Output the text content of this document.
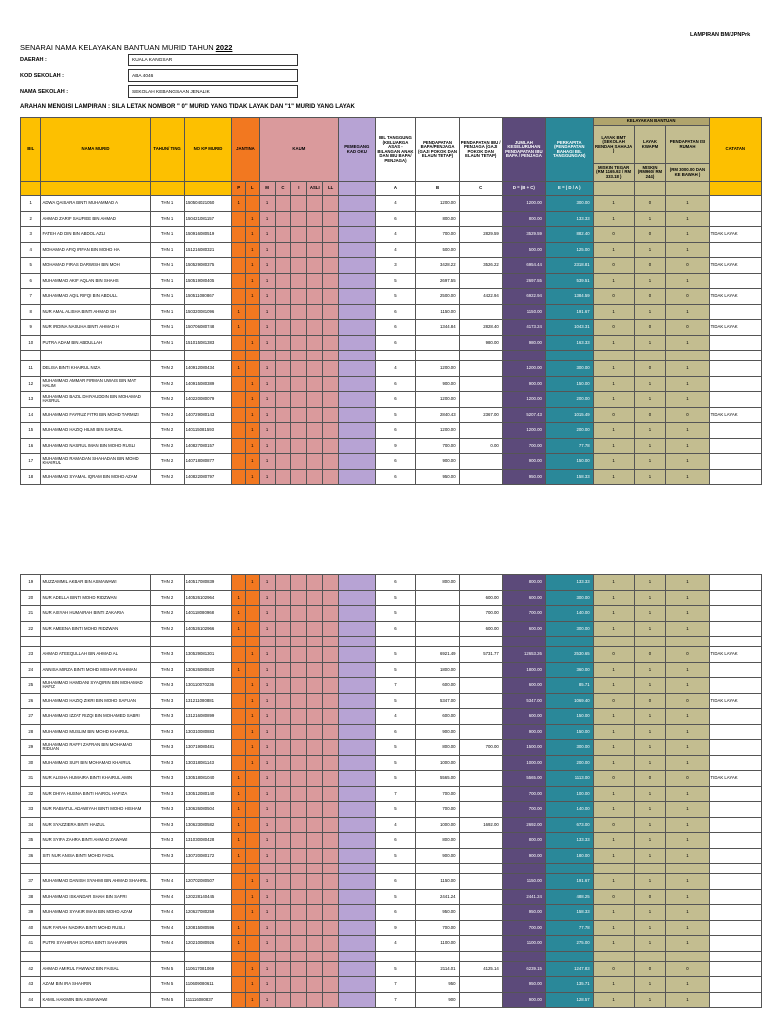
LAMPIRAN BM/JPNPrk
SENARAI NAMA KELAYAKAN BANTUAN MURID TAHUN 2022
DAERAH :	KUALA KANGSAR
KOD SEKOLAH :	ABA 4046
NAMA SEKOLAH :	SEKOLAH KEBANGSAAN JENALIK
ARAHAN MENGISI LAMPIRAN : SILA LETAK NOMBOR " 0" MURID YANG TIDAK LAYAK DAN "1" MURID YANG LAYAK
BIL	NAMA MURID	TAHUN/ TING	NO KP MURID	JANTINA		KAUM					PEMEGANG KAD OKU	BIL TANGGUNG (KELUARGA ASAS - BILANGAN ANAK DAN IBU BAPA/ PENJAGA)	PENDAPATAN BAPA/PENJAGA (GAJI POKOK DAN ELAUN TETAP)	PENDAPATAN IBU / PENJAGA (GAJI POKOK DAN ELAUN TETAP)	JUMLAH KESELURUHAN PENDAPATAN IBU BAPA / PENJAGA	PERKAPITA (PENDAPATAN BAHAGI BIL TANGGUNGAN)	KELAYAKAN BANTUAN			CATATAN
																	LAYAK BMT (SEKOLAH RENDAH SAHAJA )	LAYAK KWAPM	PENDAPATAN ISI RUMAH	
																	MISKIN TEGAR (RM 1165.92 / RM 333.18 )	MISKIN (RM960/ RM 244)	(RM 3000.00 DAN KE BAWAH )	
				P	L	M	C	I	ASLI	LL		A	B	C	D = (B + C)	E = ( D / A )				
1	ADWA QAISARA BINTI MUHAMMAD A	THN 1	150504021050	1		1						4	1200.00		1200.00	300.00	1	0	1	
2	AHMAD ZARIF SAUFIEE BIN AHMAD	THN 1	150421081157		1	1						6	800.00		800.00	133.33	1	1	1	
3	FATEH AD DIN BIN ABDOL AZLI	THN 1	150916080519		1	1						4	700.00	2829.59	3529.59	882.40	0	0	1	TIDAK LAYAK
4	MOHAMAD AFIQ IRFAN BIN MOHD HA	THN 1	151216080321		1	1						4	500.00		500.00	125.00	1	1	1	
5	MOHAMAD FIRAS DARWISH BIN MOH	THN 1	150529080375		1	1						3	3428.22	3526.22	6954.44	2318.81	0	0	0	TIDAK LAYAK
6	MUHAMMAD AKIF AQLAN BIN SHAHS	THN 1	150519080405		1	1						5	2697.55		2697.55	539.51	1	1	1	
7	MUHAMMAD AQIL RIFQI BIN ABDULL	THN 1	150511080867		1	1						5	2500.00	4422.94	6922.94	1384.59	0	0	0	TIDAK LAYAK
8	NUR AMAL ALISHA BINTI AHMAD SH	THN 1	150320081096	1		1						6	1150.00		1150.00	191.67	1	1	1	
9	NUR IRDINA NASUHA BINTI AHMAD H	THN 1	150706080748	1		1						6	1344.84	2828.40	4173.24	1043.31	0	0	0	TIDAK LAYAK
10	PUTRA ADAM BIN ABDULLAH	THN 1	151015081383		1	1						6		980.00	980.00	163.33	1	1	1	

11	DELISA BINTI KHAIRUL NIZA	THN 2	140912080434	1		1						4	1200.00		1200.00	300.00	1	0	1	
12	MUHAMMAD AMMAR FIRMAN UWAIS BIN MAT HALIM	THN 2	140915080389		1	1						6	900.00		900.00	150.00	1	1	1	
13	MUHAMMAD BAZIL DHIYAUDDIN BIN MOHAMAD HASRUL	THN 2	140220080079		1	1						6	1200.00		1200.00	200.00	1	1	1	
14	MUHAMMAD FAYRUZ FITRI BIN MOHD TARMIZI	THN 2	140729080143		1	1						5	2840.43	2367.00	5207.43	1015.49	0	0	0	TIDAK LAYAK
15	MUHAMMAD HAZIQ HILMI BIN SARIZAL	THN 2	140115081593		1	1						6	1200.00		1200.00	200.00	1	1	1	
16	MUHAMMAD NASRUL IMAN BIN MOHD RUSLI	THN 2	140827080157		1	1						9	700.00	0.00	700.00	77.78	1	1	1	
17	MUHAMMAD RAMADAN SHAHADAN BIN MOHD KHAIRUL	THN 2	140718080877		1	1						6	900.00		900.00	150.00	1	1	1	
18	MUHAMMAD SYAMAL IQRAM BIN MOHD AZAM	THN 2	140822080797		1	1						6	950.00		950.00	158.33	1	1	1	
19	MUZZAMMIL AKBAR BIN ASMAWAWI	THN 2	140517080839		1	1						6	800.00		800.00	133.33	1	1	1	
20	NUR ADELLA BINTI MOHD RIDZWAN	THN 2	140526102964	1		1						5		600.00	600.00	300.00	1	1	1	
21	NUR AISYAH HUMAIRAH BINTI ZAKARIA	THN 2	140118080968	1		1						5		700.00	700.00	140.00	1	1	1	
22	NUR AMEENA BINTI MOHD RIDZWAN	THN 2	140526102966	1		1						6		600.00	600.00	300.00	1	1	1	

23	AHMAD ATEEQULLAH BIN AHMAD AL	THN 3	130529081301		1	1						5	6921.49	5731.77	12653.26	2530.65	0	0	0	TIDAK LAYAK
24	ANNISA MIRZA BINTI MOHD MISHAR RAHMAN	THN 3	130626080620	1		1						5	1800.00		1800.00	360.00	1	1	1	
25	MUHAMMAD HAMDANI SYAQIRIN BIN MOHAMAD HAFIZ	THN 3	130110070236		1	1						7	600.00		600.00	85.71	1	1	1	
26	MUHAMMAD HAZIQ ZIKRI BIN MOHD SAFUAN	THN 3	131211080881		1	1						5	5347.00		5347.00	1069.40	0	0	0	TIDAK LAYAK
27	MUHAMMAD IZZAT RIZQI BIN MOHAMED SABRI	THN 3	131216080899		1	1						4	600.00		600.00	150.00	1	1	1	
28	MUHAMMAD MUSLIM BIN MOHD KHAIRUL	THN 3	130310080883		1	1						6	900.00		900.00	150.00	1	1	1	
29	MUHAMMAD RAFFI ZAFRAN BIN MOHAMAD RIDUAN	THN 3	130719080481		1	1						5	800.00	700.00	1500.00	300.00	1	1	1	
30	MUHAMMAD SUFI BIN MOHAMAD KHAIRUL	THN 3	130318081143		1	1						5	1000.00		1000.00	200.00	1	1	1	
31	NUR ALISHA HUMAIRA BINTI KHAIRUL AMIN	THN 3	130518081040	1		1						5	5565.00		5565.00	1113.00	0	0	0	TIDAK LAYAK
32	NUR DHIYA HUSNA BINTI HAIROL HAFIZA	THN 3	130512080140	1		1						7	700.00		700.00	100.00	1	1	1	
33	NUR RABIATUL ADAWIYAH BINTI MOHD HISHAM	THN 3	130626080504	1		1						5	700.00		700.00	140.00	1	1	1	
34	NUR SYAZZIERA BINTI HAIZUL	THN 3	130623080582	1		1						4	1000.00	1692.00	2692.00	673.00	0	1	1	
35	NUR SYIFA ZAHRA BINTI AHMAD ZAWAWI	THN 3	131030080428	1		1						6	800.00		800.00	133.33	1	1	1	
36	SITI NUR ANISA BINTI MOHD FADIL	THN 3	130720080172	1		1						5	900.00		900.00	180.00	1	1	1	

37	MUHAMMAD DANISH SYAHMI BIN AHMAD SHAHRIL	THN 4	120702080507		1	1						6	1150.00		1150.00	191.67	1	1	1	
38	MUHAMMAD ISKANDAR SHAH BIN SAFRI	THN 4	120228140445		1	1						5	2441.24		2441.24	488.25	0	0	1	
39	MUHAMMAD SYAKIR IMAN BIN MOHD AZAM	THN 4	120627080259		1	1						6	950.00		950.00	158.33	1	1	1	
40	NUR FARAH NADIRA BINTI MOHD RUSLI	THN 4	120815080596	1		1						9	700.00		700.00	77.78	1	1	1	
41	PUTRI SYAHIRAH SOFEA BINTI SAHAIRIN	THN 4	120210080926	1		1						4	1100.00		1100.00	275.00	1	1	1	

42	AHMAD AMIRUL FAWWAZ BIN FAISAL	THN 5	110617081069		1	1						5	2114.01	4125.14	6239.15	1247.83	0	0	0	
43	AZAM BIN IRA SHAHRIN	THN 5	110609080611		1	1						7	950		950.00	135.71	1	1	1	
44	KAMIL HAKIMIN BIN ASMAWAWI	THN 5	111116080837		1	1						7	900		900.00	128.57	1	1	1	
